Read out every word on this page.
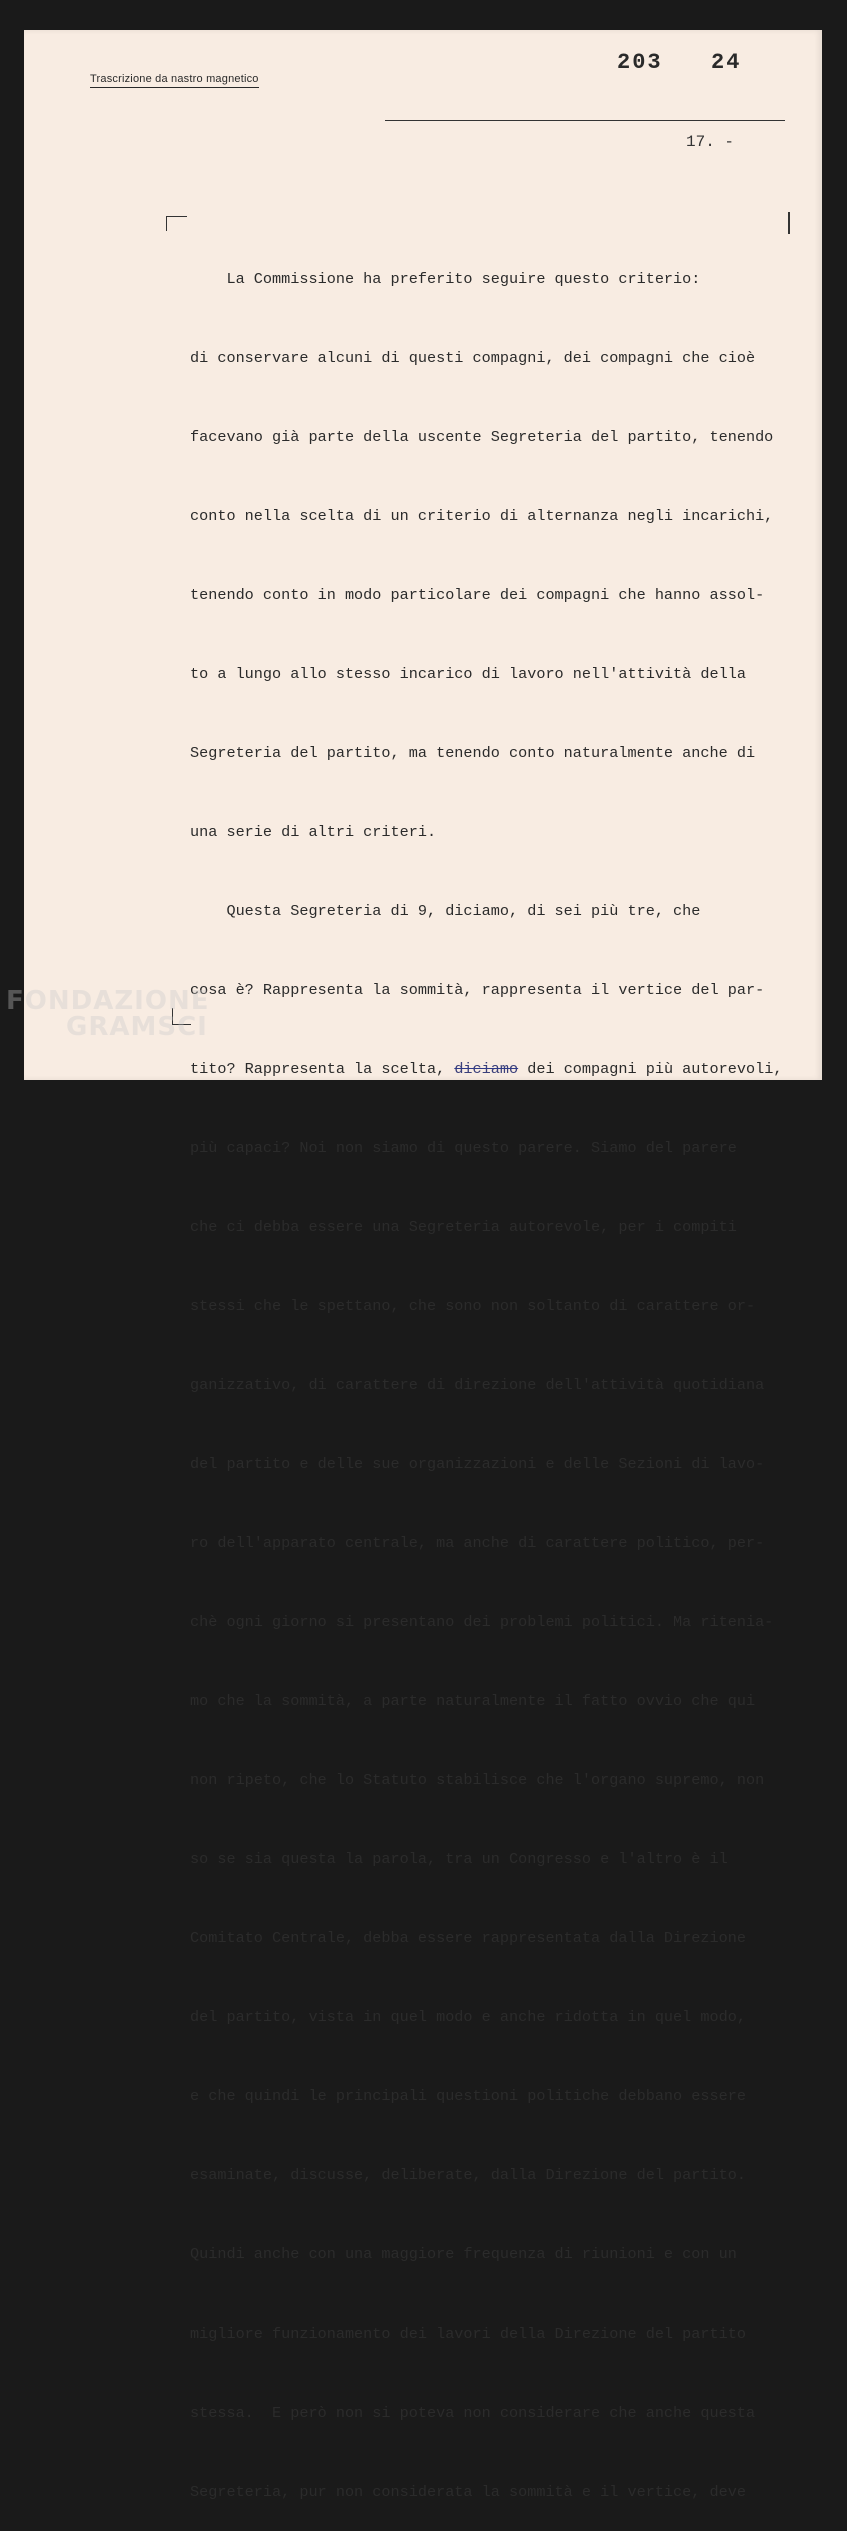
Trascrizione da nastro magnetico
203 24
17. -

La Commissione ha preferito seguire questo criterio:

di conservare alcuni di questi compagni, dei compagni che cioè

facevano già parte della uscente Segreteria del partito, tenendo

conto nella scelta di un criterio di alternanza negli incarichi,

tenendo conto in modo particolare dei compagni che hanno assol-

to a lungo allo stesso incarico di lavoro nell'attività della

Segreteria del partito, ma tenendo conto naturalmente anche di

una serie di altri criteri.

Questa Segreteria di 9, diciamo, di sei più tre, che

cosa è? Rappresenta la sommità, rappresenta il vertice del par-

tito? Rappresenta la scelta, diciamo dei compagni più autorevoli,

più capaci? Noi non siamo di questo parere. Siamo del parere

che ci debba essere una Segreteria autorevole, per i compiti

stessi che le spettano, che sono non soltanto di carattere or-

ganizzativo, di carattere di direzione dell'attività quotidiana

del partito e delle sue organizzazioni e delle Sezioni di lavo-

ro dell'apparato centrale, ma anche di carattere politico, per-

chè ogni giorno si presentano dei problemi politici. Ma ritenia-

mo che la sommità, a parte naturalmente il fatto ovvio che qui

non ripeto, che lo Statuto stabilisce che l'organo supremo, non

so se sia questa la parola, tra un Congresso e l'altro è il

Comitato Centrale, debba essere rappresentata dalla Direzione

del partito, vista in quel modo e anche ridotta in quel modo,

e che quindi le principali questioni politiche debbano essere

esaminate, discusse, deliberate, dalla Direzione del partito.

Quindi anche con una maggiore frequenza di riunioni e con un

migliore funzionamento dei lavori della Direzione del partito

stessa.  E però non si poteva non considerare che anche questa

Segreteria, pur non considerata la sommità e il vertice, deve

FONDAZIONE
GRAMSCI
